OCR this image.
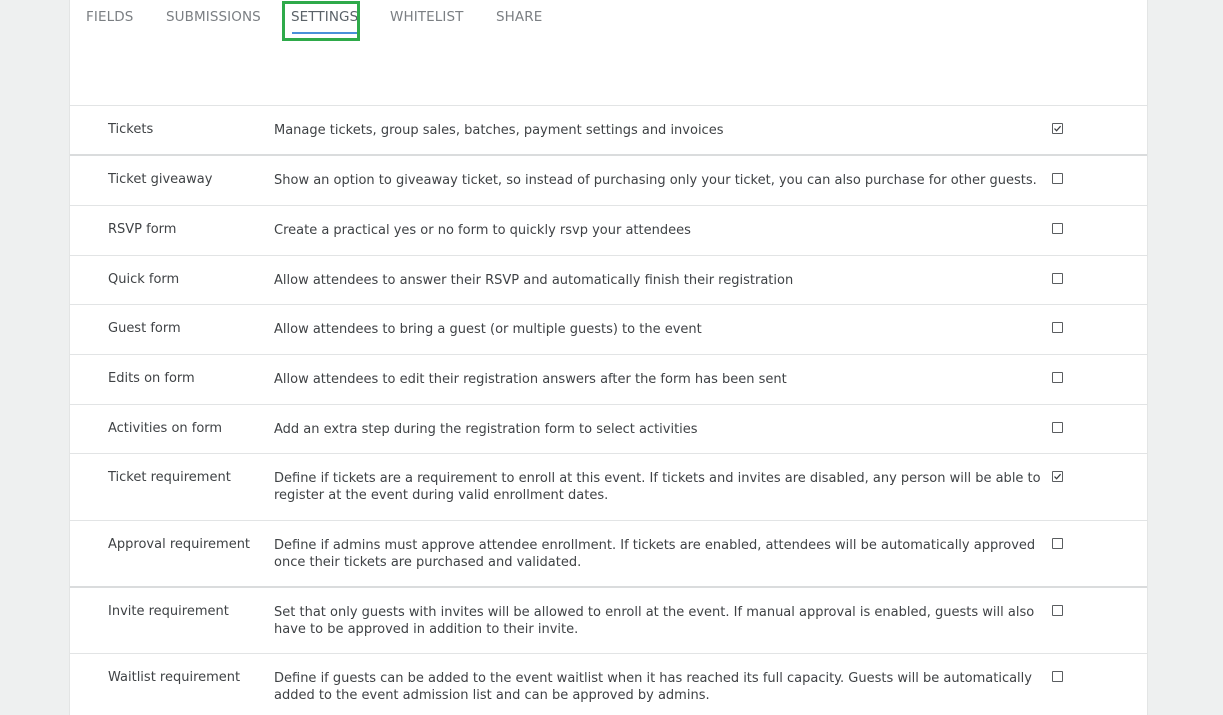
FIELDS SUBMISSIONS SETTINGS WHITELIST SHARE
Tickets	Manage tickets, group sales, batches, payment settings and invoices
Ticket giveaway	Show an option to giveaway ticket, so instead of purchasing only your ticket, you can also purchase for other guests.
RSVP form	Create a practical yes or no form to quickly rsvp your attendees
Quick form	Allow attendees to answer their RSVP and automatically finish their registration
Guest form	Allow attendees to bring a guest (or multiple guests) to the event
Edits on form	Allow attendees to edit their registration answers after the form has been sent
Activities on form	Add an extra step during the registration form to select activities
Ticket requirement	Define if tickets are a requirement to enroll at this event. If tickets and invites are disabled, any person will be able to register at the event during valid enrollment dates.
Approval requirement Define if admins must approve attendee enrollment. If tickets are enabled, attendees will be automatically approved once their tickets are purchased and validated.
Invite requirement	Set that only guests with invites will be allowed to enroll at the event. If manual approval is enabled, guests will also have to be approved in addition to their invite.
Waitlist requirement	Define if guests can be added to the event waitlist when it has reached its full capacity. Guests will be automatically added to the event admission list and can be approved by admins.
